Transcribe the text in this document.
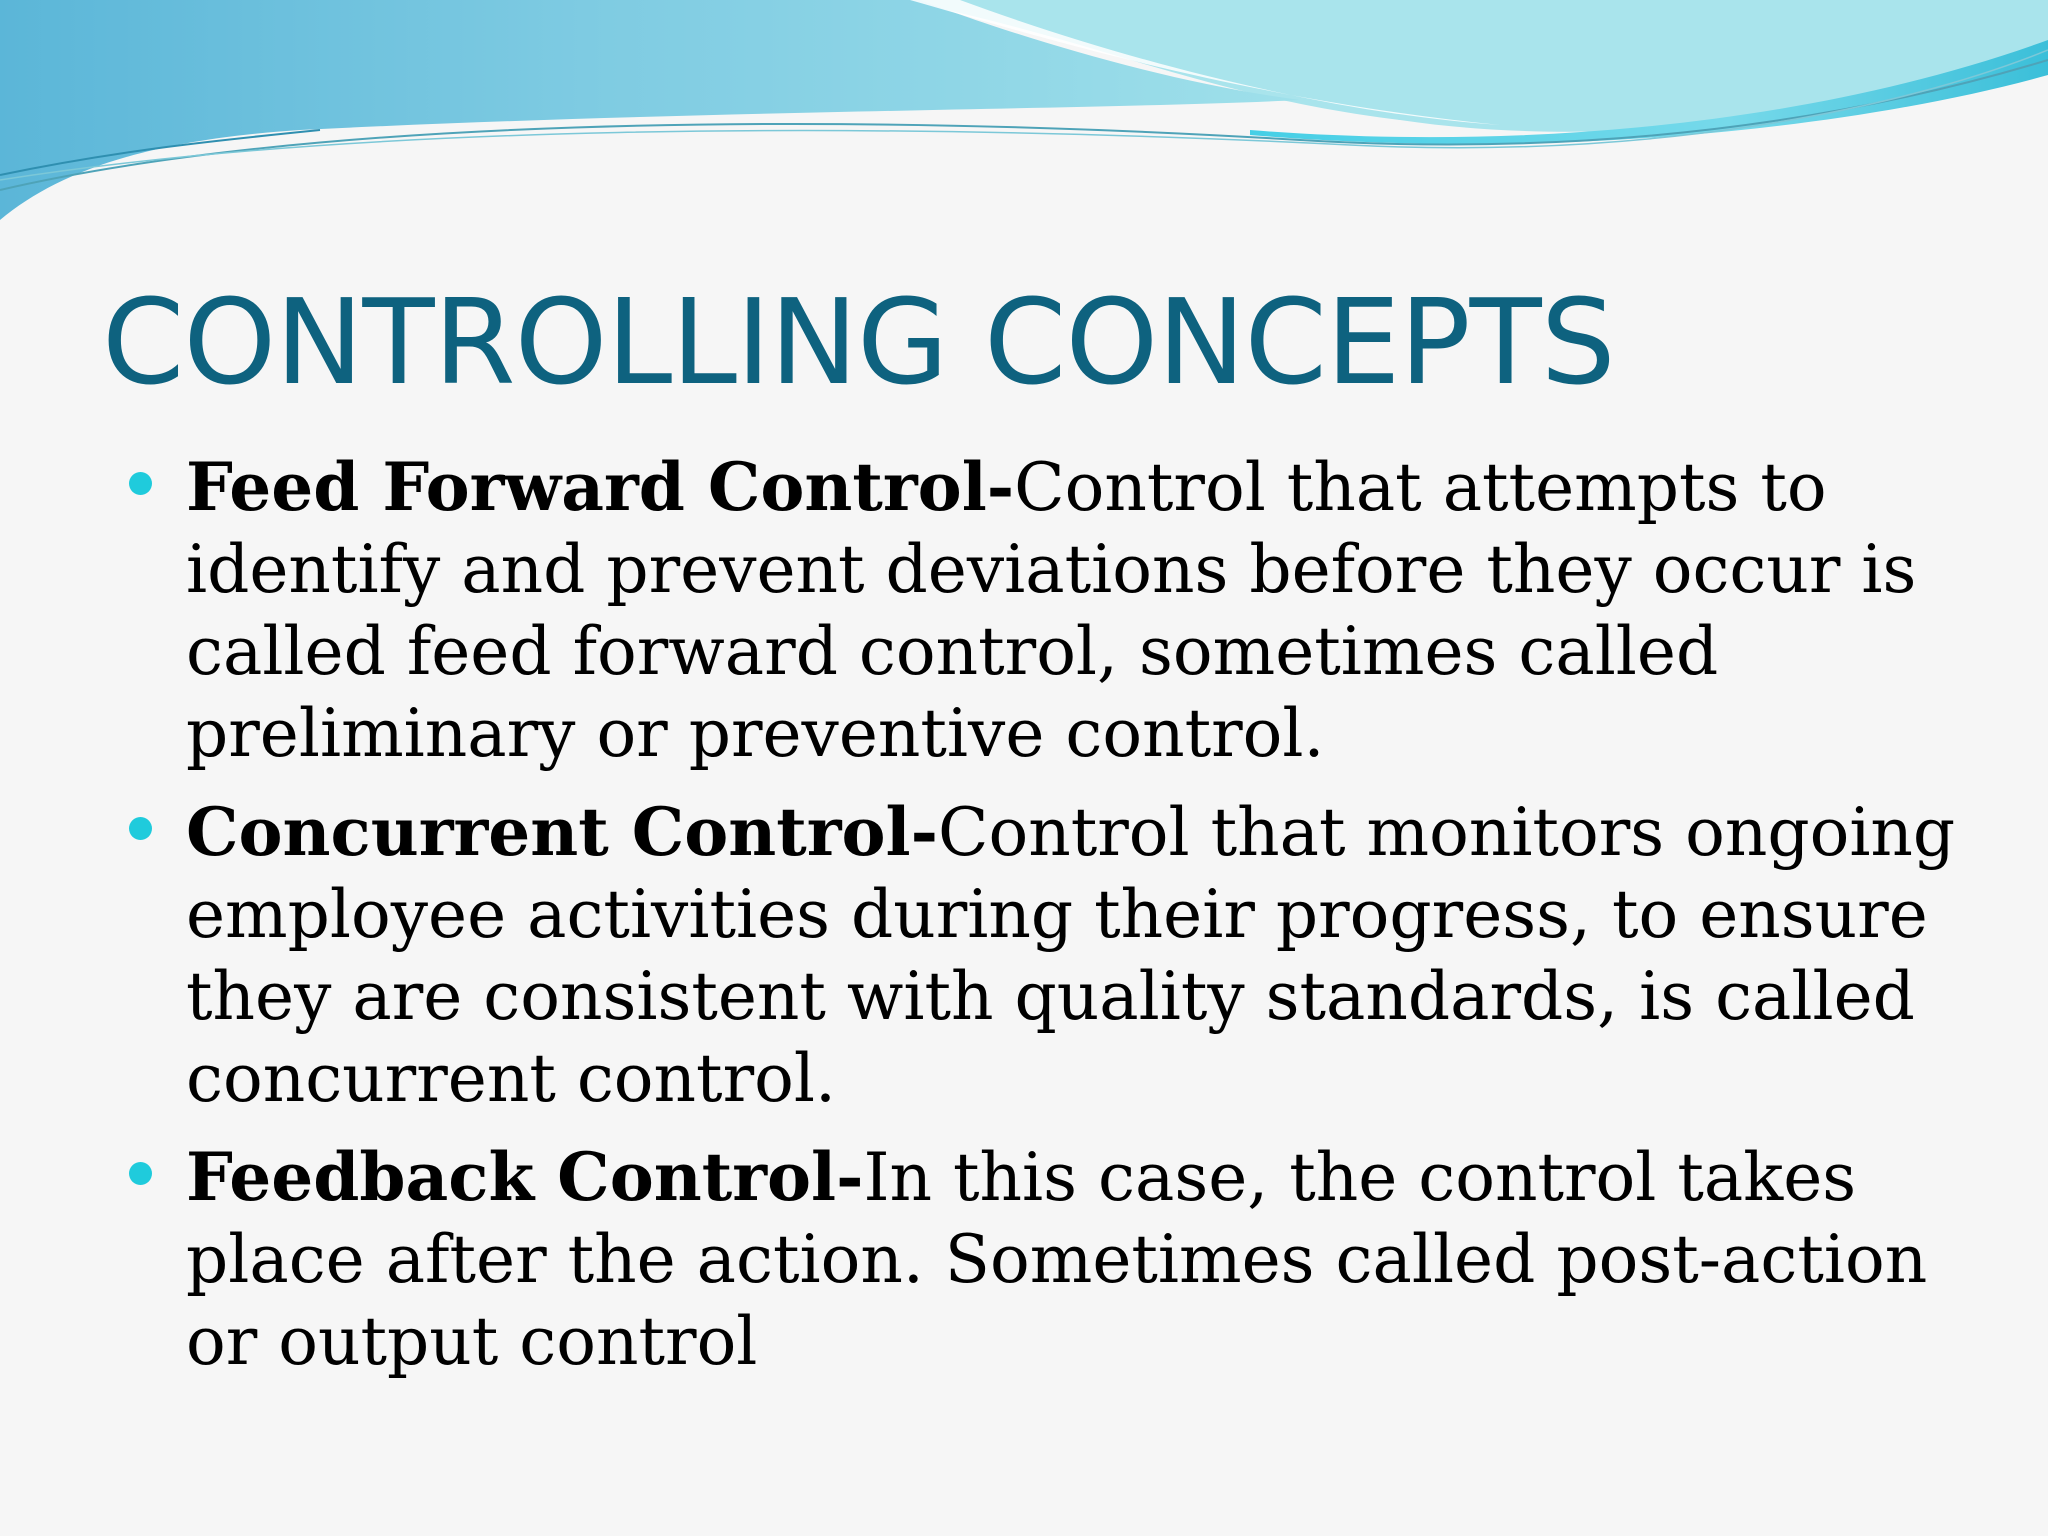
CONTROLLING CONCEPTS
Feed Forward Control-Control that attempts to identify and prevent deviations before they occur is called feed forward control, sometimes called preliminary or preventive control.
Concurrent Control-Control that monitors ongoing employee activities during their progress, to ensure they are consistent with quality standards, is called concurrent control.
Feedback Control-In this case, the control takes place after the action. Sometimes called post-action or output control
